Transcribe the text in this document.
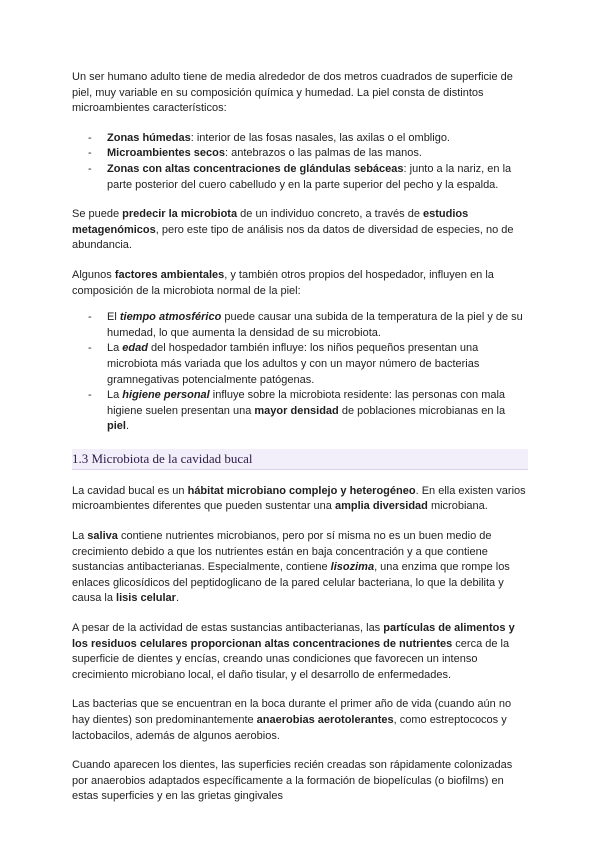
Un ser humano adulto tiene de media alrededor de dos metros cuadrados de superficie de piel, muy variable en su composición química y humedad. La piel consta de distintos microambientes característicos:

- Zonas húmedas: interior de las fosas nasales, las axilas o el ombligo.
- Microambientes secos: antebrazos o las palmas de las manos.
- Zonas con altas concentraciones de glándulas sebáceas: junto a la nariz, en la parte posterior del cuero cabelludo y en la parte superior del pecho y la espalda.

Se puede predecir la microbiota de un individuo concreto, a través de estudios metagenómicos, pero este tipo de análisis nos da datos de diversidad de especies, no de abundancia.

Algunos factores ambientales, y también otros propios del hospedador, influyen en la composición de la microbiota normal de la piel:

- El tiempo atmosférico puede causar una subida de la temperatura de la piel y de su humedad, lo que aumenta la densidad de su microbiota.
- La edad del hospedador también influye: los niños pequeños presentan una microbiota más variada que los adultos y con un mayor número de bacterias gramnegativas potencialmente patógenas.
- La higiene personal influye sobre la microbiota residente: las personas con mala higiene suelen presentan una mayor densidad de poblaciones microbianas en la piel.
1.3 Microbiota de la cavidad bucal

La cavidad bucal es un hábitat microbiano complejo y heterogéneo. En ella existen varios microambientes diferentes que pueden sustentar una amplia diversidad microbiana.

La saliva contiene nutrientes microbianos, pero por sí misma no es un buen medio de crecimiento debido a que los nutrientes están en baja concentración y a que contiene sustancias antibacterianas. Especialmente, contiene lisozima, una enzima que rompe los enlaces glicosídicos del peptidoglicano de la pared celular bacteriana, lo que la debilita y causa la lisis celular.

A pesar de la actividad de estas sustancias antibacterianas, las partículas de alimentos y los residuos celulares proporcionan altas concentraciones de nutrientes cerca de la superficie de dientes y encías, creando unas condiciones que favorecen un intenso crecimiento microbiano local, el daño tisular, y el desarrollo de enfermedades.

Las bacterias que se encuentran en la boca durante el primer año de vida (cuando aún no hay dientes) son predominantemente anaerobias aerotolerantes, como estreptococos y lactobacilos, además de algunos aerobios.

Cuando aparecen los dientes, las superficies recién creadas son rápidamente colonizadas por anaerobios adaptados específicamente a la formación de biopelículas (o biofilms) en estas superficies y en las grietas gingivales
